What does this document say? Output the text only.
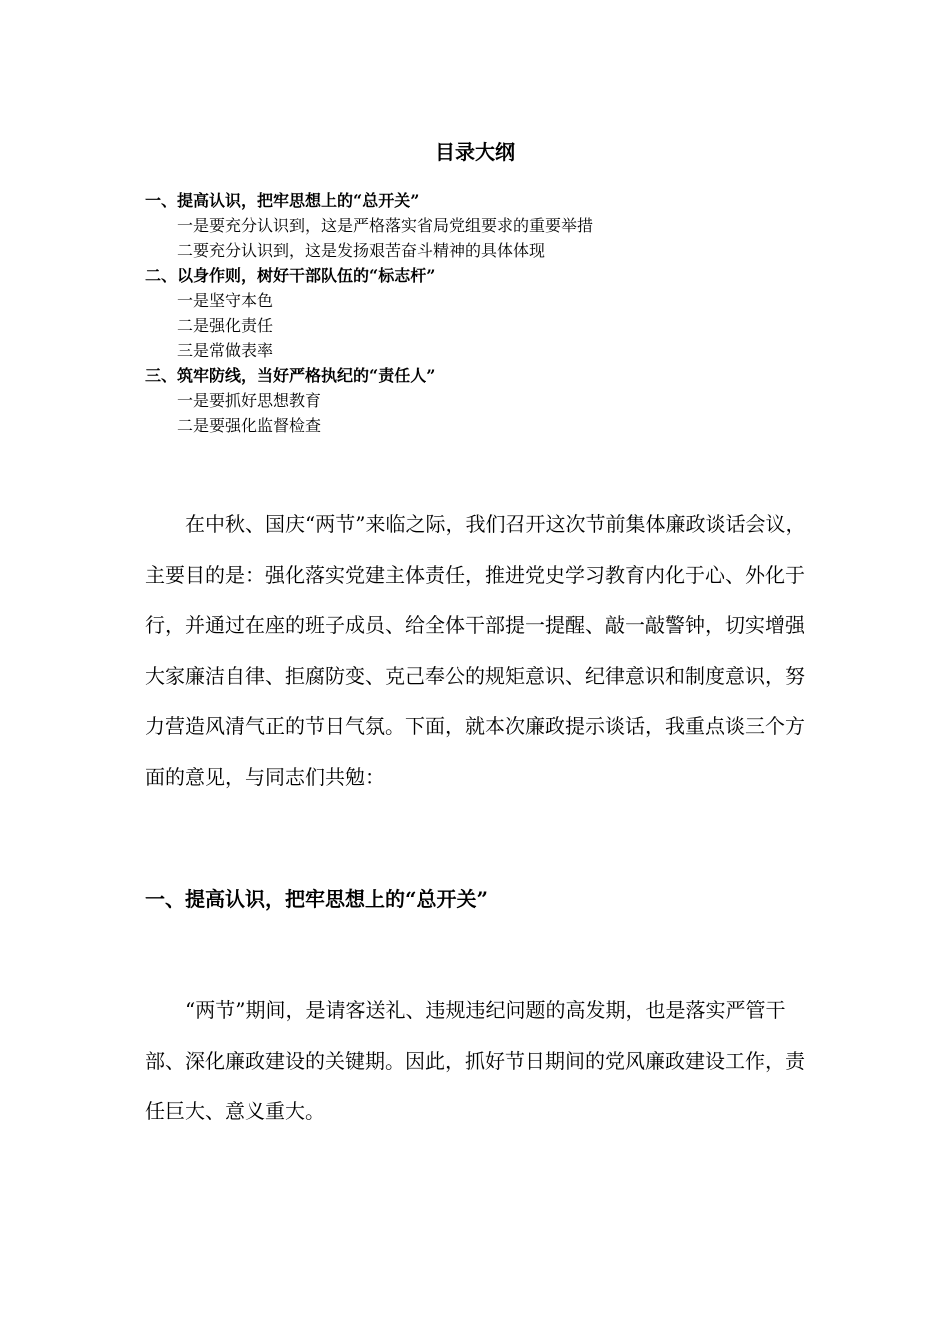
目录大纲
一、提高认识，把牢思想上的“总开关”
一是要充分认识到，这是严格落实省局党组要求的重要举措
二要充分认识到，这是发扬艰苦奋斗精神的具体体现
二、以身作则，树好干部队伍的“标志杆”
一是坚守本色
二是强化责任
三是常做表率
三、筑牢防线，当好严格执纪的“责任人”
一是要抓好思想教育
二是要强化监督检查

在中秋、国庆“两节”来临之际，我们召开这次节前集体廉政谈话会议，主要目的是：强化落实党建主体责任，推进党史学习教育内化于心、外化于行，并通过在座的班子成员、给全体干部提一提醒、敲一敲警钟，切实增强大家廉洁自律、拒腐防变、克己奉公的规矩意识、纪律意识和制度意识，努力营造风清气正的节日气氛。下面，就本次廉政提示谈话，我重点谈三个方面的意见，与同志们共勉：

一、提高认识，把牢思想上的“总开关”

“两节”期间，是请客送礼、违规违纪问题的高发期，也是落实严管干部、深化廉政建设的关键期。因此，抓好节日期间的党风廉政建设工作，责任巨大、意义重大。
